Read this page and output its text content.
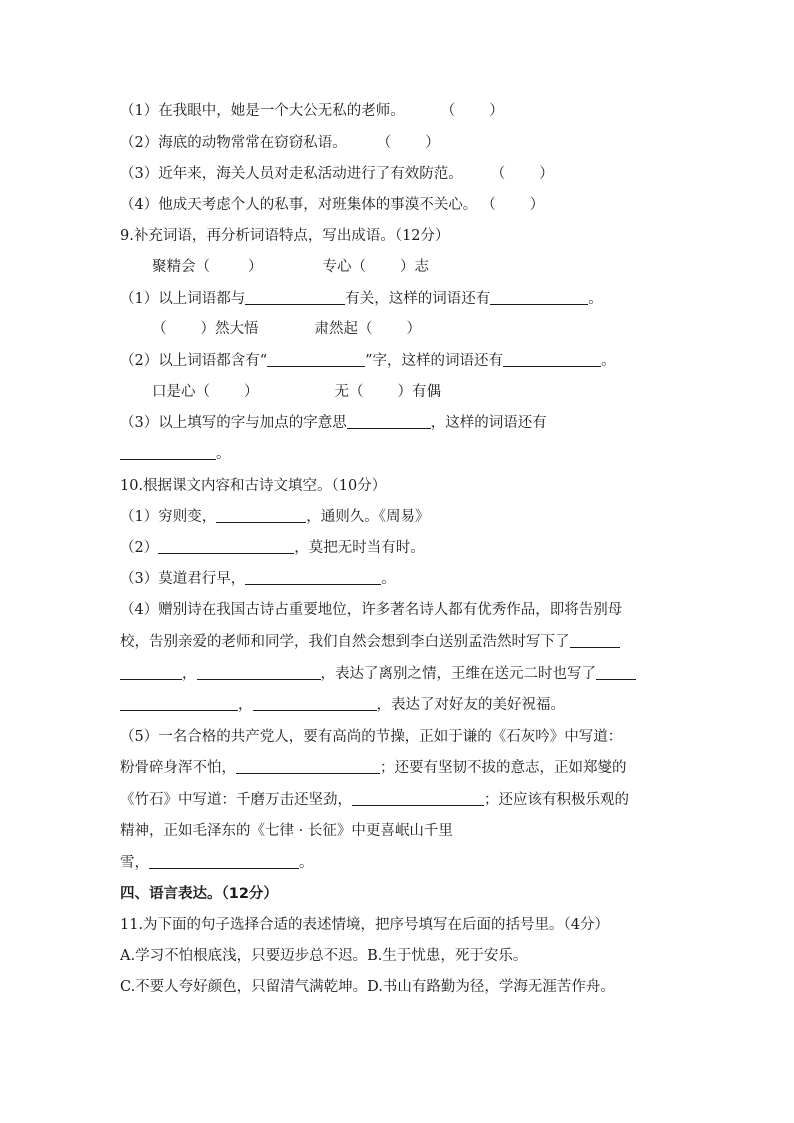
（1）在我眼中，她是一个大公无私的老师。 （ ）
（2）海底的动物常常在窃窃私语。 （ ）
（3）近年来，海关人员对走私活动进行了有效防范。 （ ）
（4）他成天考虑个人的私事，对班集体的事漠不关心。 （ ）
9.补充词语，再分析词语特点，写出成语。（12分）
聚精会（	）	专心（ ）志
（1）以上词语都与	有关，这样的词语还有	。
（ ）然大悟	肃然起（ ）
（2）以上词语都含有“	”字，这样的词语还有	。
口是心（ ）	无（ ）有偶
（3）以上填写的字与加点的字意思	，这样的词语还有
。
10.根据课文内容和古诗文填空。（10分）
（1）穷则变，	，通则久。《周易》
（2）	，莫把无时当有时。
（3）莫道君行早，	。
（4）赠别诗在我国古诗占重要地位，许多著名诗人都有优秀作品，即将告别母
校，告别亲爱的老师和同学，我们自然会想到李白送别孟浩然时写下了
，	，表达了离别之情，王维在送元二时也写了
，	，表达了对好友的美好祝福。
（5）一名合格的共产党人，要有高尚的节操，正如于谦的《石灰吟》中写道：
粉骨碎身浑不怕，	；还要有坚韧不拔的意志，正如郑燮的
《竹石》中写道：千磨万击还坚劲，	；还应该有积极乐观的
精神，正如毛泽东的《七律 · 长征》中更喜岷山千里
雪，	。
四、语言表达。（12分）
11.为下面的句子选择合适的表述情境，把序号填写在后面的括号里。（4分）
A.学习不怕根底浅，只要迈步总不迟。B.生于忧患，死于安乐。
C.不要人夸好颜色，只留清气满乾坤。D.书山有路勤为径，学海无涯苦作舟。
